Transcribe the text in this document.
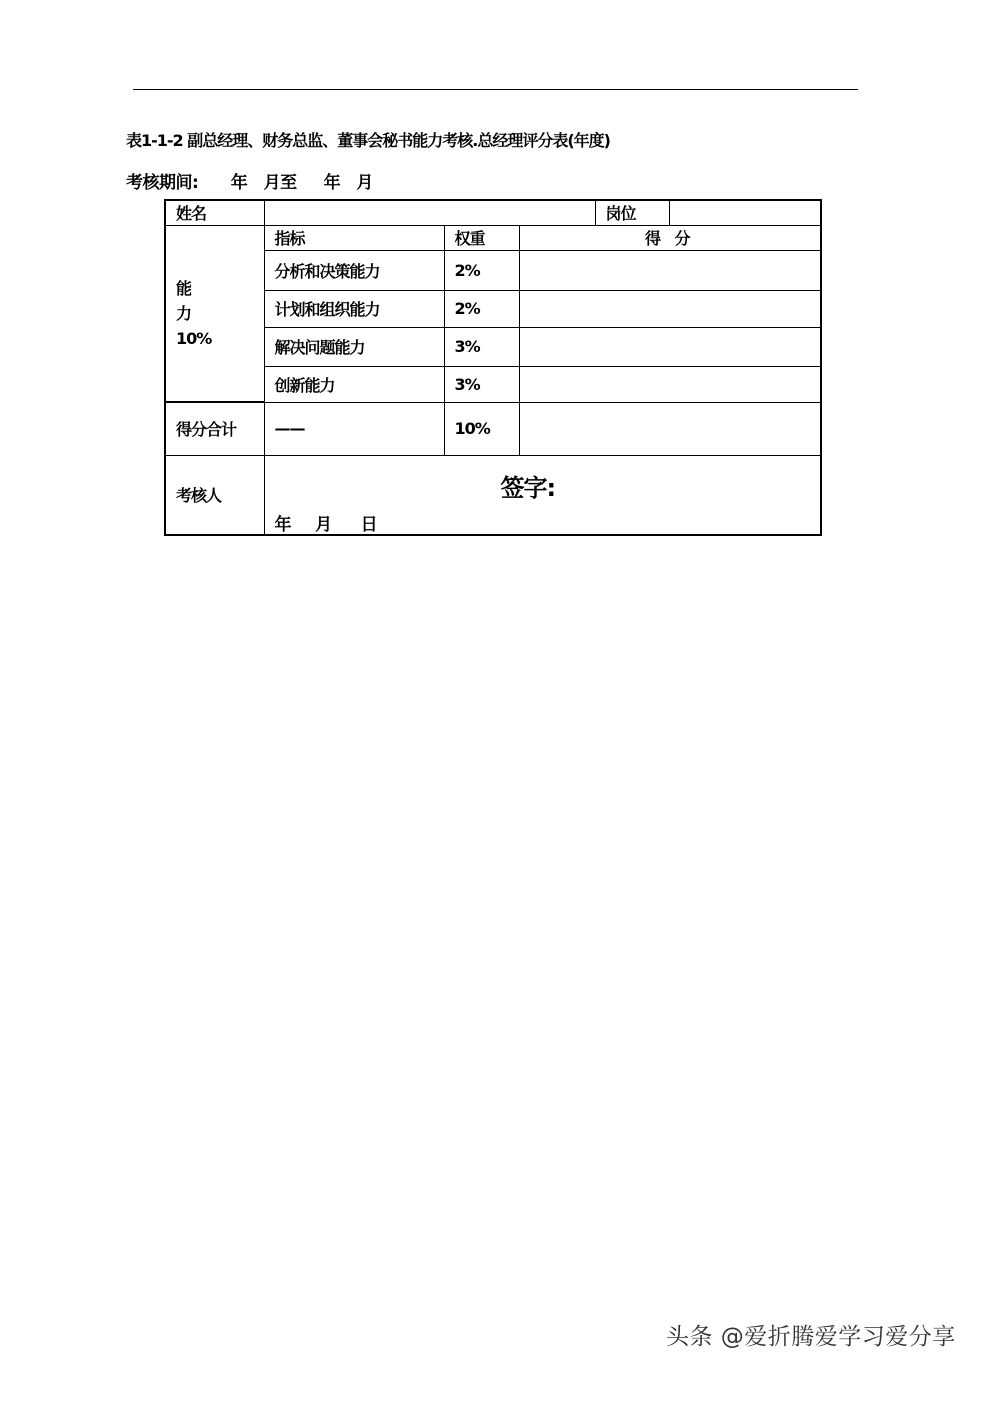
表1-1-2 副总经理、财务总监、董事会秘书能力考核.总经理评分表(年度)
考核期间:      年   月至     年   月
姓名				岗位	

能
力
10%	指标	权重	得 分		
	分析和决策能力	2%			
	计划和组织能力	2%			
	解决问题能力	3%			
	创新能力	3%			
得分合计	——	10%			
考核人	签字:
年     月      日				
头条 @爱折腾爱学习爱分享
